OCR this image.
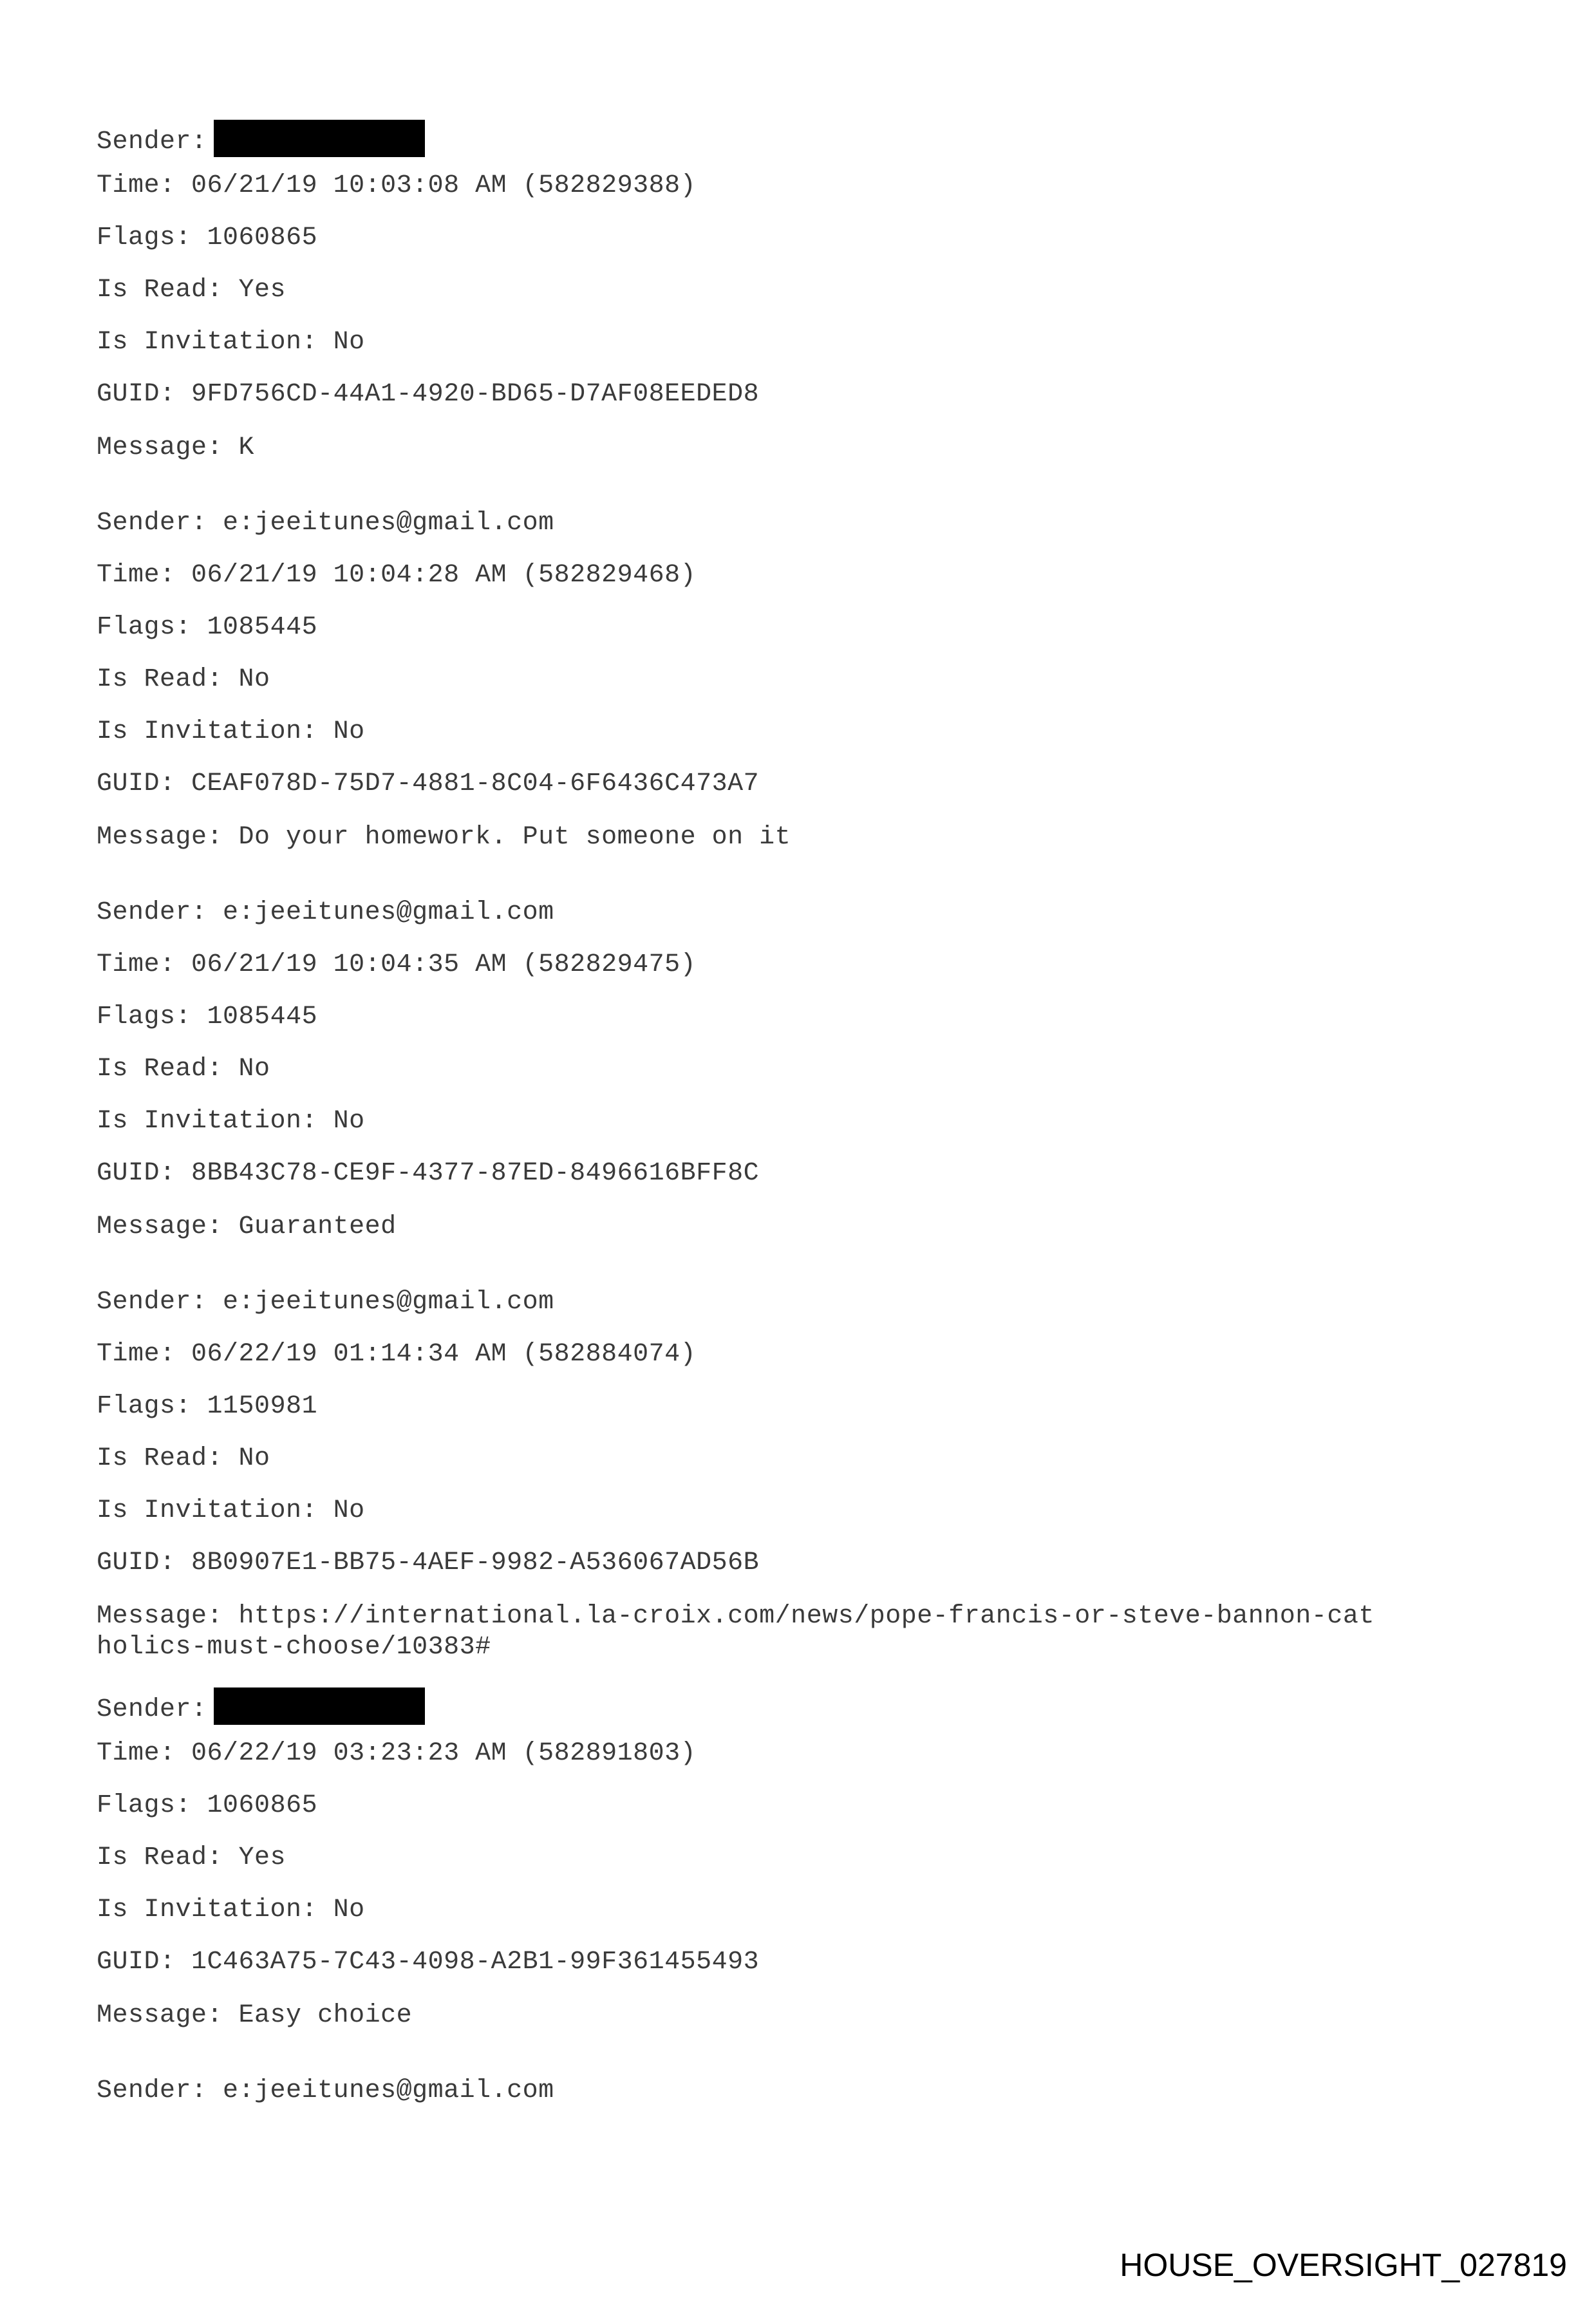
Sender:
Time: 06/21/19 10:03:08 AM (582829388)
Flags: 1060865
Is Read: Yes
Is Invitation: No
GUID: 9FD756CD-44A1-4920-BD65-D7AF08EEDED8
Message: K
Sender: e:jeeitunes@gmail.com
Time: 06/21/19 10:04:28 AM (582829468)
Flags: 1085445
Is Read: No
Is Invitation: No
GUID: CEAF078D-75D7-4881-8C04-6F6436C473A7
Message: Do your homework. Put someone on it
Sender: e:jeeitunes@gmail.com
Time: 06/21/19 10:04:35 AM (582829475)
Flags: 1085445
Is Read: No
Is Invitation: No
GUID: 8BB43C78-CE9F-4377-87ED-8496616BFF8C
Message: Guaranteed
Sender: e:jeeitunes@gmail.com
Time: 06/22/19 01:14:34 AM (582884074)
Flags: 1150981
Is Read: No
Is Invitation: No
GUID: 8B0907E1-BB75-4AEF-9982-A536067AD56B
Message: https://international.la-croix.com/news/pope-francis-or-steve-bannon-catholics-must-choose/10383#
Sender:
Time: 06/22/19 03:23:23 AM (582891803)
Flags: 1060865
Is Read: Yes
Is Invitation: No
GUID: 1C463A75-7C43-4098-A2B1-99F361455493
Message: Easy choice
Sender: e:jeeitunes@gmail.com
HOUSE_OVERSIGHT_027819
